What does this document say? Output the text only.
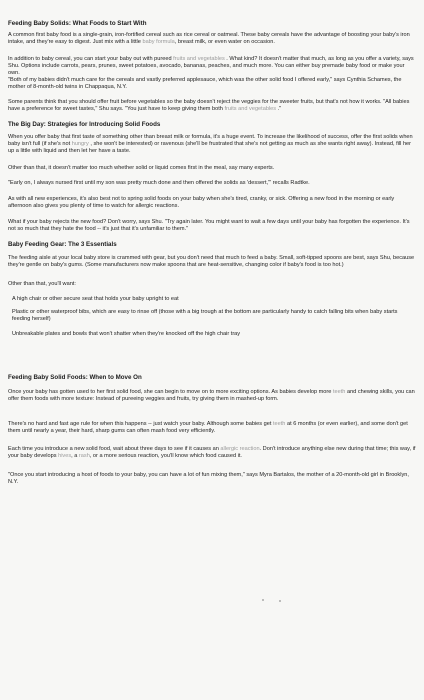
Feeding Baby Solids: What Foods to Start With
A common first baby food is a single-grain, iron-fortified cereal such as rice cereal or oatmeal. These baby cereals have the advantage of boosting your baby's iron intake, and they're easy to digest. Just mix with a little baby formula, breast milk, or even water on occasion.
In addition to baby cereal, you can start your baby out with pureed fruits and vegetables . What kind? It doesn't matter that much, as long as you offer a variety, says Shu. Options include carrots, pears, prunes, sweet potatoes, avocado, bananas, peaches, and much more. You can either buy premade baby food or make your own.
"Both of my babies didn't much care for the cereals and vastly preferred applesauce, which was the other solid food I offered early," says Cynthia Schames, the mother of 8-month-old twins in Chappaqua, N.Y.
Some parents think that you should offer fruit before vegetables so the baby doesn't reject the veggies for the sweeter fruits, but that's not how it works. "All babies have a preference for sweet tastes," Shu says. "You just have to keep giving them both fruits and vegetables ."
The Big Day: Strategies for Introducing Solid Foods
When you offer baby that first taste of something other than breast milk or formula, it's a huge event. To increase the likelihood of success, offer the first solids when baby isn't full (if she's not hungry , she won't be interested) or ravenous (she'll be frustrated that she's not getting as much as she wants right away). Instead, fill her up a little with liquid and then let her have a taste.
Other than that, it doesn't matter too much whether solid or liquid comes first in the meal, say many experts.
"Early on, I always nursed first until my son was pretty much done and then offered the solids as 'dessert,'" recalls Radtke.
As with all new experiences, it's also best not to spring solid foods on your baby when she's tired, cranky, or sick. Offering a new food in the morning or early afternoon also gives you plenty of time to watch for allergic reactions.
What if your baby rejects the new food? Don't worry, says Shu. "Try again later. You might want to wait a few days until your baby has forgotten the experience. It's not so much that they hate the food -- it's just that it's unfamiliar to them."
Baby Feeding Gear: The 3 Essentials
The feeding aisle at your local baby store is crammed with gear, but you don't need that much to feed a baby. Small, soft-tipped spoons are best, says Shu, because they're gentle on baby's gums. (Some manufacturers now make spoons that are heat-sensitive, changing color if baby's food is too hot.)
Other than that, you'll want:
A high chair or other secure seat that holds your baby upright to eat
Plastic or other waterproof bibs, which are easy to rinse off (those with a big trough at the bottom are particularly handy to catch falling bits when baby starts feeding herself)
Unbreakable plates and bowls that won't shatter when they're knocked off the high chair tray
Feeding Baby Solid Foods: When to Move On
Once your baby has gotten used to her first solid food, she can begin to move on to more exciting options. As babies develop more teeth and chewing skills, you can offer them foods with more texture: Instead of pureeing veggies and fruits, try giving them in mashed-up form.
There's no hard and fast age rule for when this happens -- just watch your baby. Although some babies get teeth at 6 months (or even earlier), and some don't get them until nearly a year, their hard, sharp gums can often mash food very efficiently.
Each time you introduce a new solid food, wait about three days to see if it causes an allergic reaction. Don't introduce anything else new during that time; this way, if your baby develops hives, a rash, or a more serious reaction, you'll know which food caused it.
"Once you start introducing a host of foods to your baby, you can have a lot of fun mixing them," says Myra Bartalos, the mother of a 20-month-old girl in Brooklyn, N.Y.
